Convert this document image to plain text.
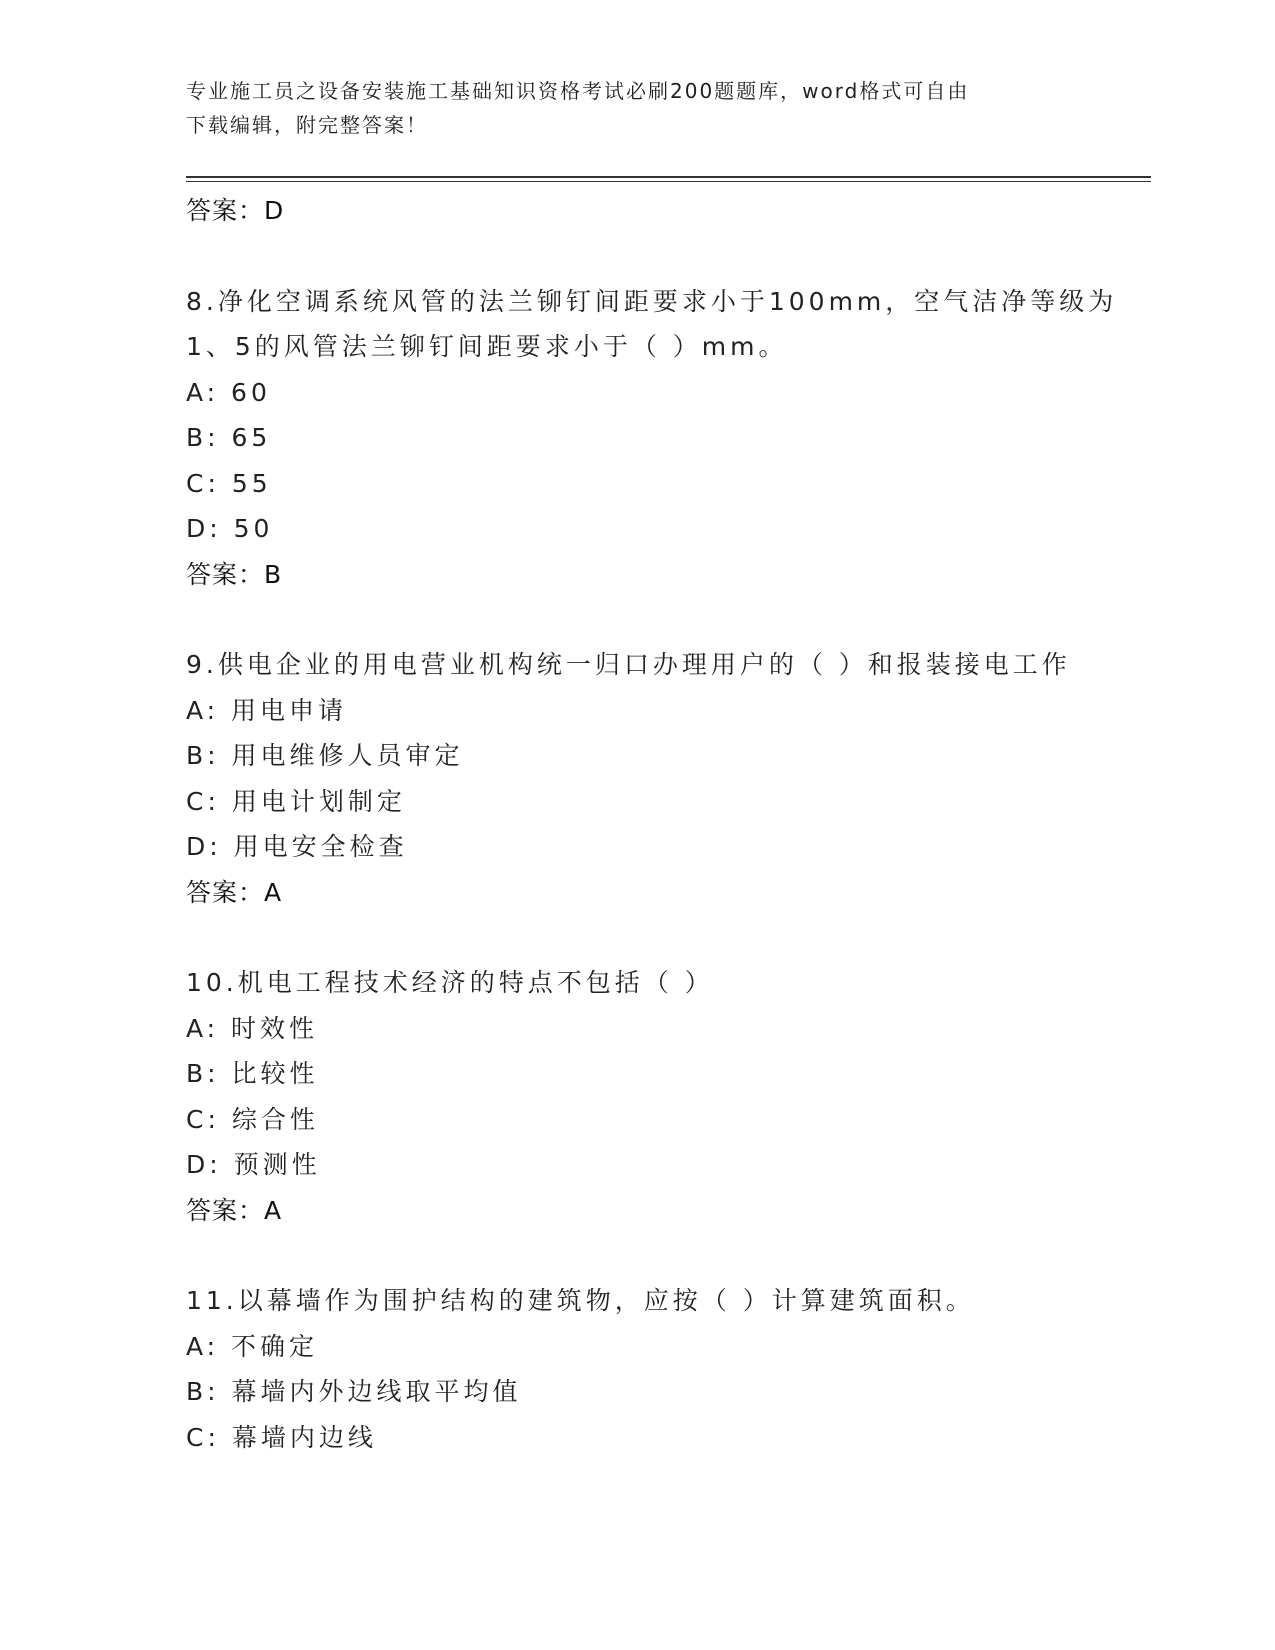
专业施工员之设备安装施工基础知识资格考试必刷200题题库，word格式可自由
下载编辑，附完整答案！
答案：D
8.净化空调系统风管的法兰铆钉间距要求小于100mm，空气洁净等级为
1、5的风管法兰铆钉间距要求小于（ ）mm。
A: 60
B: 65
C: 55
D: 50
答案：B
9.供电企业的用电营业机构统一归口办理用户的（ ）和报装接电工作
A: 用电申请
B: 用电维修人员审定
C: 用电计划制定
D: 用电安全检查
答案：A
10.机电工程技术经济的特点不包括（ ）
A: 时效性
B: 比较性
C: 综合性
D: 预测性
答案：A
11.以幕墙作为围护结构的建筑物，应按（ ）计算建筑面积。
A: 不确定
B: 幕墙内外边线取平均值
C: 幕墙内边线
